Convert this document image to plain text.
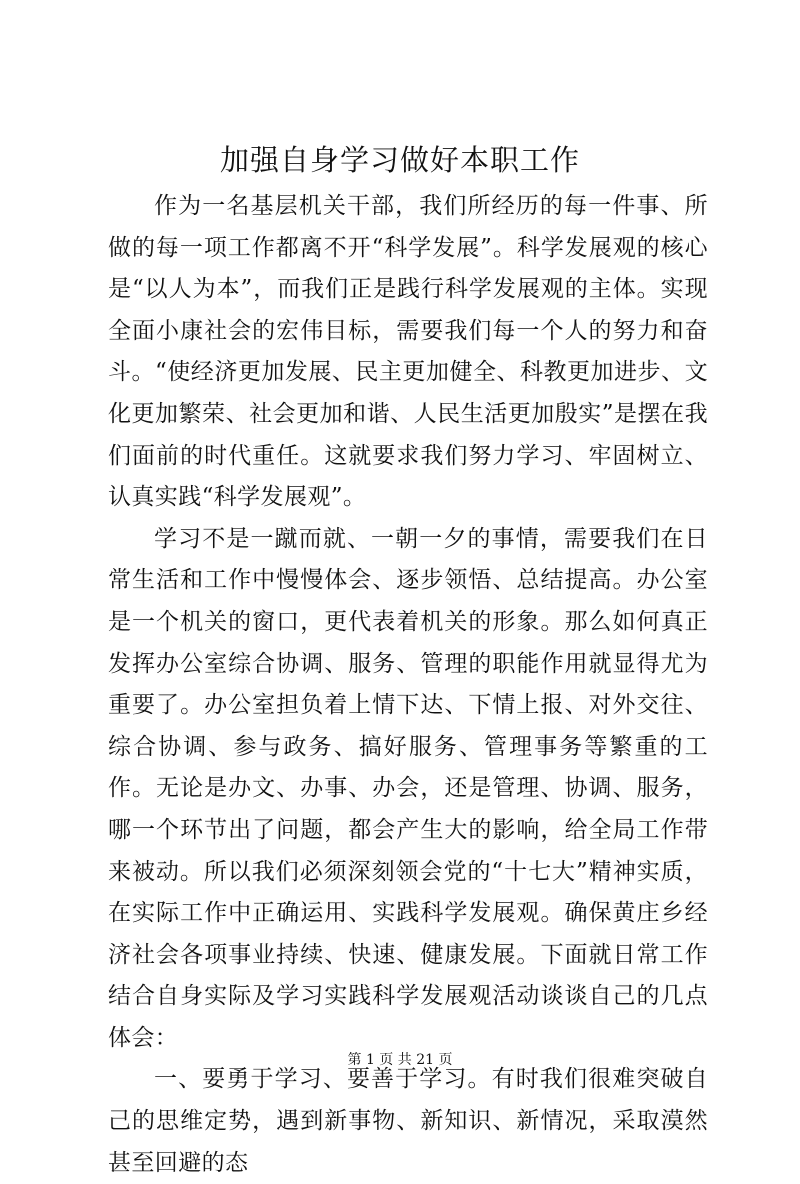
加强自身学习做好本职工作

作为一名基层机关干部，我们所经历的每一件事、所做的每一项工作都离不开“科学发展”。科学发展观的核心是“以人为本”，而我们正是践行科学发展观的主体。实现全面小康社会的宏伟目标，需要我们每一个人的努力和奋斗。“使经济更加发展、民主更加健全、科教更加进步、文化更加繁荣、社会更加和谐、人民生活更加殷实”是摆在我们面前的时代重任。这就要求我们努力学习、牢固树立、认真实践“科学发展观”。

学习不是一蹴而就、一朝一夕的事情，需要我们在日常生活和工作中慢慢体会、逐步领悟、总结提高。办公室是一个机关的窗口，更代表着机关的形象。那么如何真正发挥办公室综合协调、服务、管理的职能作用就显得尤为重要了。办公室担负着上情下达、下情上报、对外交往、综合协调、参与政务、搞好服务、管理事务等繁重的工作。无论是办文、办事、办会，还是管理、协调、服务，哪一个环节出了问题，都会产生大的影响，给全局工作带来被动。所以我们必须深刻领会党的“十七大”精神实质，在实际工作中正确运用、实践科学发展观。确保黄庄乡经济社会各项事业持续、快速、健康发展。下面就日常工作结合自身实际及学习实践科学发展观活动谈谈自己的几点体会：

一、要勇于学习、要善于学习。有时我们很难突破自己的思维定势，遇到新事物、新知识、新情况，采取漠然甚至回避的态

第 1 页 共 21 页
